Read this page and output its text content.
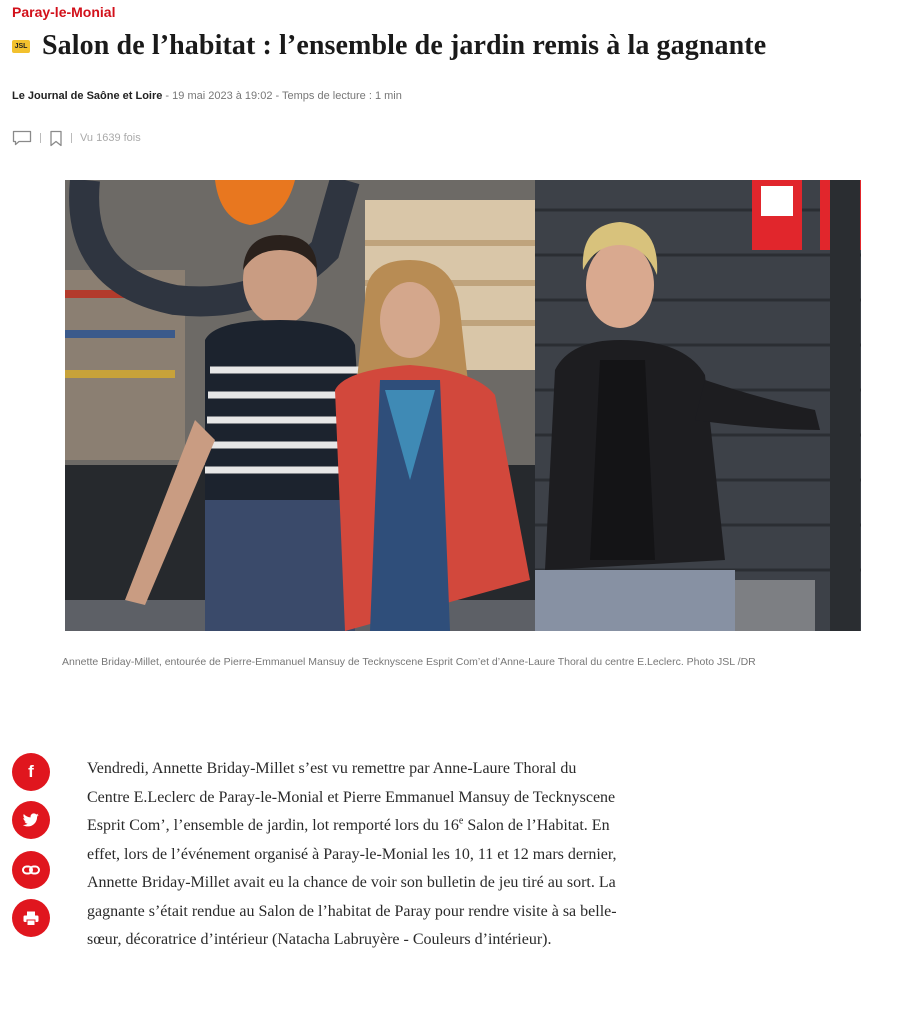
Paray-le-Monial
JSL Salon de l’habitat : l’ensemble de jardin remis à la gagnante
Le Journal de Saône et Loire - 19 mai 2023 à 19:02 - Temps de lecture : 1 min
Vu 1639 fois
Annette Briday-Millet, entourée de Pierre-Emmanuel Mansuy de Tecknyscene Esprit Com’et d’Anne-Laure Thoral du centre E.Leclerc. Photo JSL /DR
f	Vendredi, Annette Briday-Millet s’est vu remettre par Anne-Laure Thoral du Centre E.Leclerc de Paray-le-Monial et Pierre Emmanuel Mansuy de Tecknyscene Esprit Com’, l’ensemble de jardin, lot remporté lors du 16e Salon de l’Habitat. En effet, lors de l’événement organisé à Paray-le-Monial les 10, 11 et 12 mars dernier, Annette Briday-Millet avait eu la chance de voir son bulletin de jeu tiré au sort. La gagnante s’était rendue au Salon de l’habitat de Paray pour rendre visite à sa belle-sœur, décoratrice d’intérieur (Natacha Labruyère - Couleurs d’intérieur).
